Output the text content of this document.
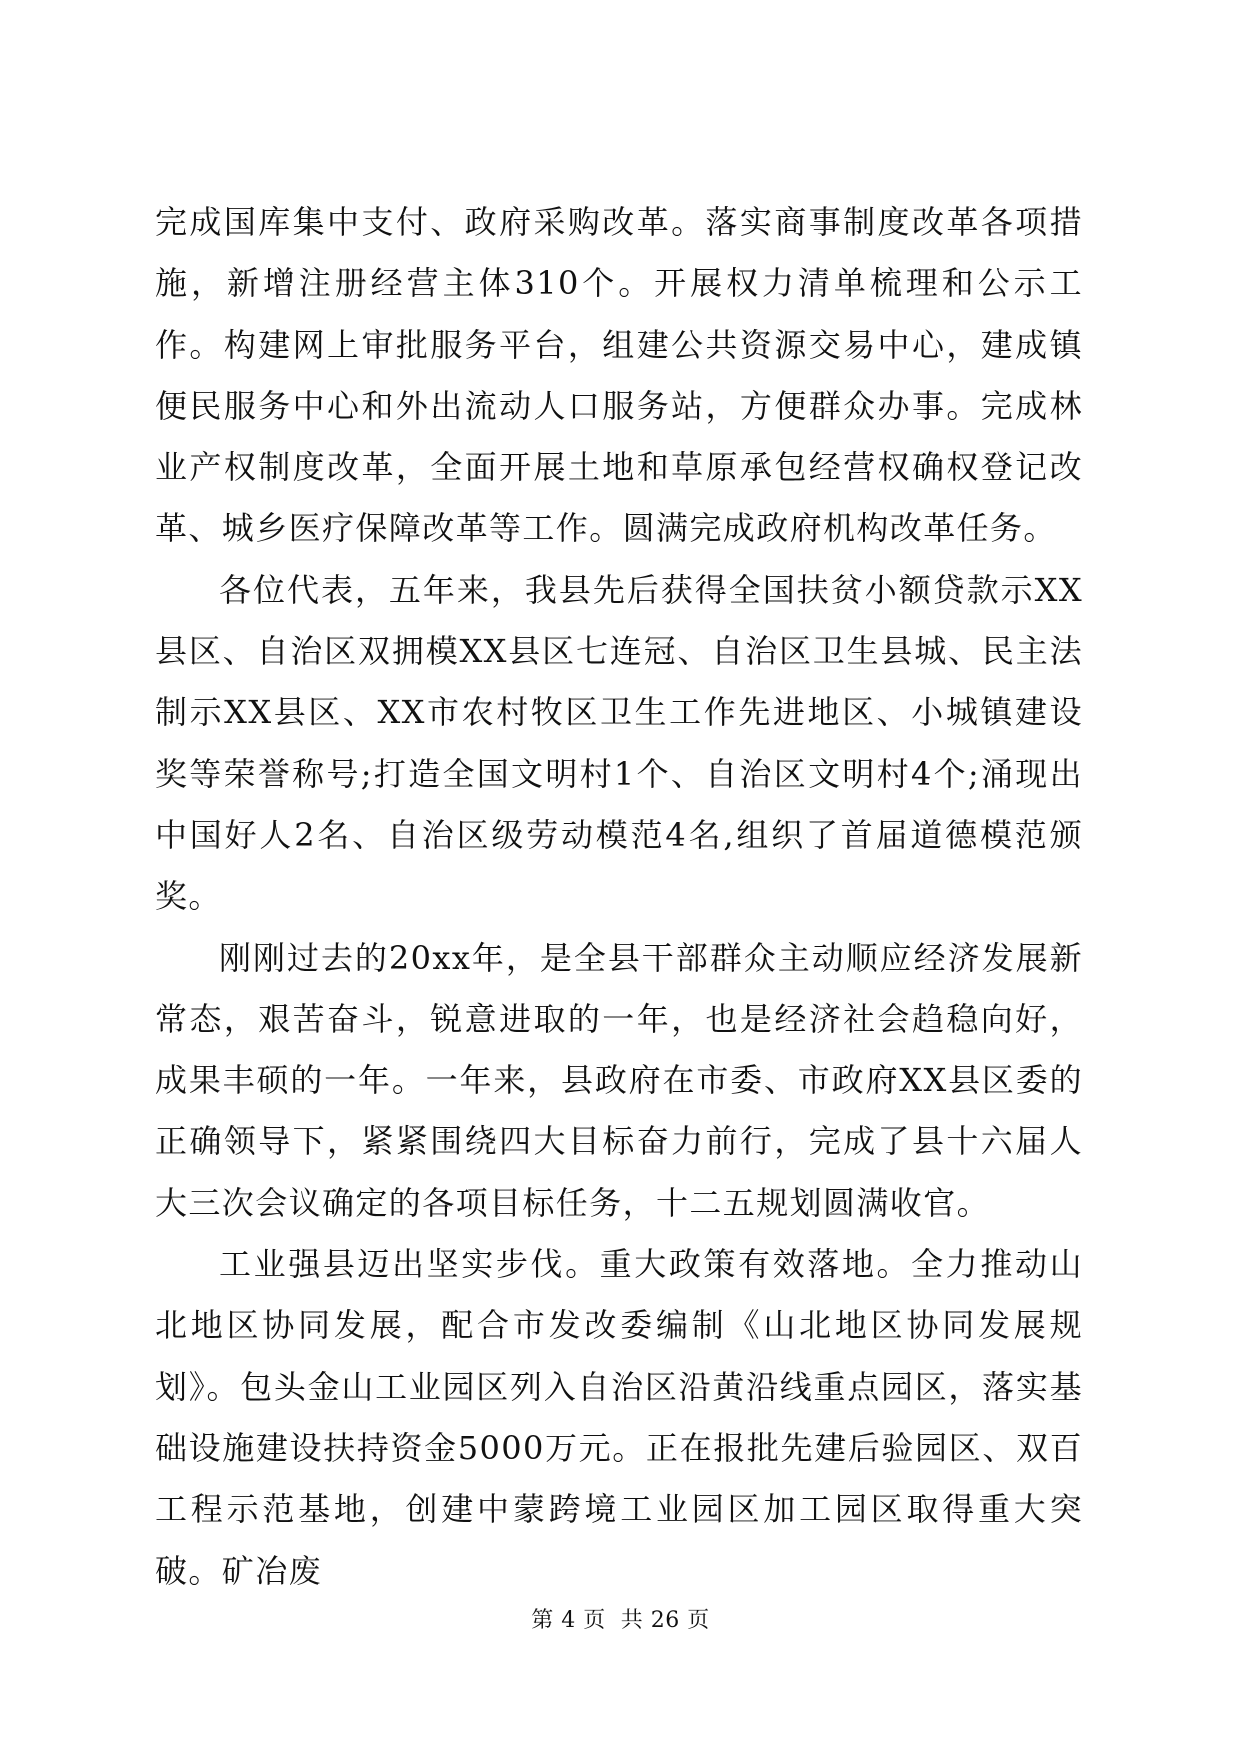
完成国库集中支付、政府采购改革。落实商事制度改革各项措施，新增注册经营主体310个。开展权力清单梳理和公示工作。构建网上审批服务平台，组建公共资源交易中心，建成镇便民服务中心和外出流动人口服务站，方便群众办事。完成林业产权制度改革，全面开展土地和草原承包经营权确权登记改革、城乡医疗保障改革等工作。圆满完成政府机构改革任务。

各位代表，五年来，我县先后获得全国扶贫小额贷款示XX县区、自治区双拥模XX县区七连冠、自治区卫生县城、民主法制示XX县区、XX市农村牧区卫生工作先进地区、小城镇建设奖等荣誉称号;打造全国文明村1个、自治区文明村4个;涌现出中国好人2名、自治区级劳动模范4名,组织了首届道德模范颁奖。

刚刚过去的20xx年，是全县干部群众主动顺应经济发展新常态，艰苦奋斗，锐意进取的一年，也是经济社会趋稳向好，成果丰硕的一年。一年来，县政府在市委、市政府XX县区委的正确领导下，紧紧围绕四大目标奋力前行，完成了县十六届人大三次会议确定的各项目标任务，十二五规划圆满收官。

工业强县迈出坚实步伐。重大政策有效落地。全力推动山北地区协同发展，配合市发改委编制《山北地区协同发展规划》。包头金山工业园区列入自治区沿黄沿线重点园区，落实基础设施建设扶持资金5000万元。正在报批先建后验园区、双百工程示范基地，创建中蒙跨境工业园区加工园区取得重大突破。矿冶废

第 4 页  共 26 页
